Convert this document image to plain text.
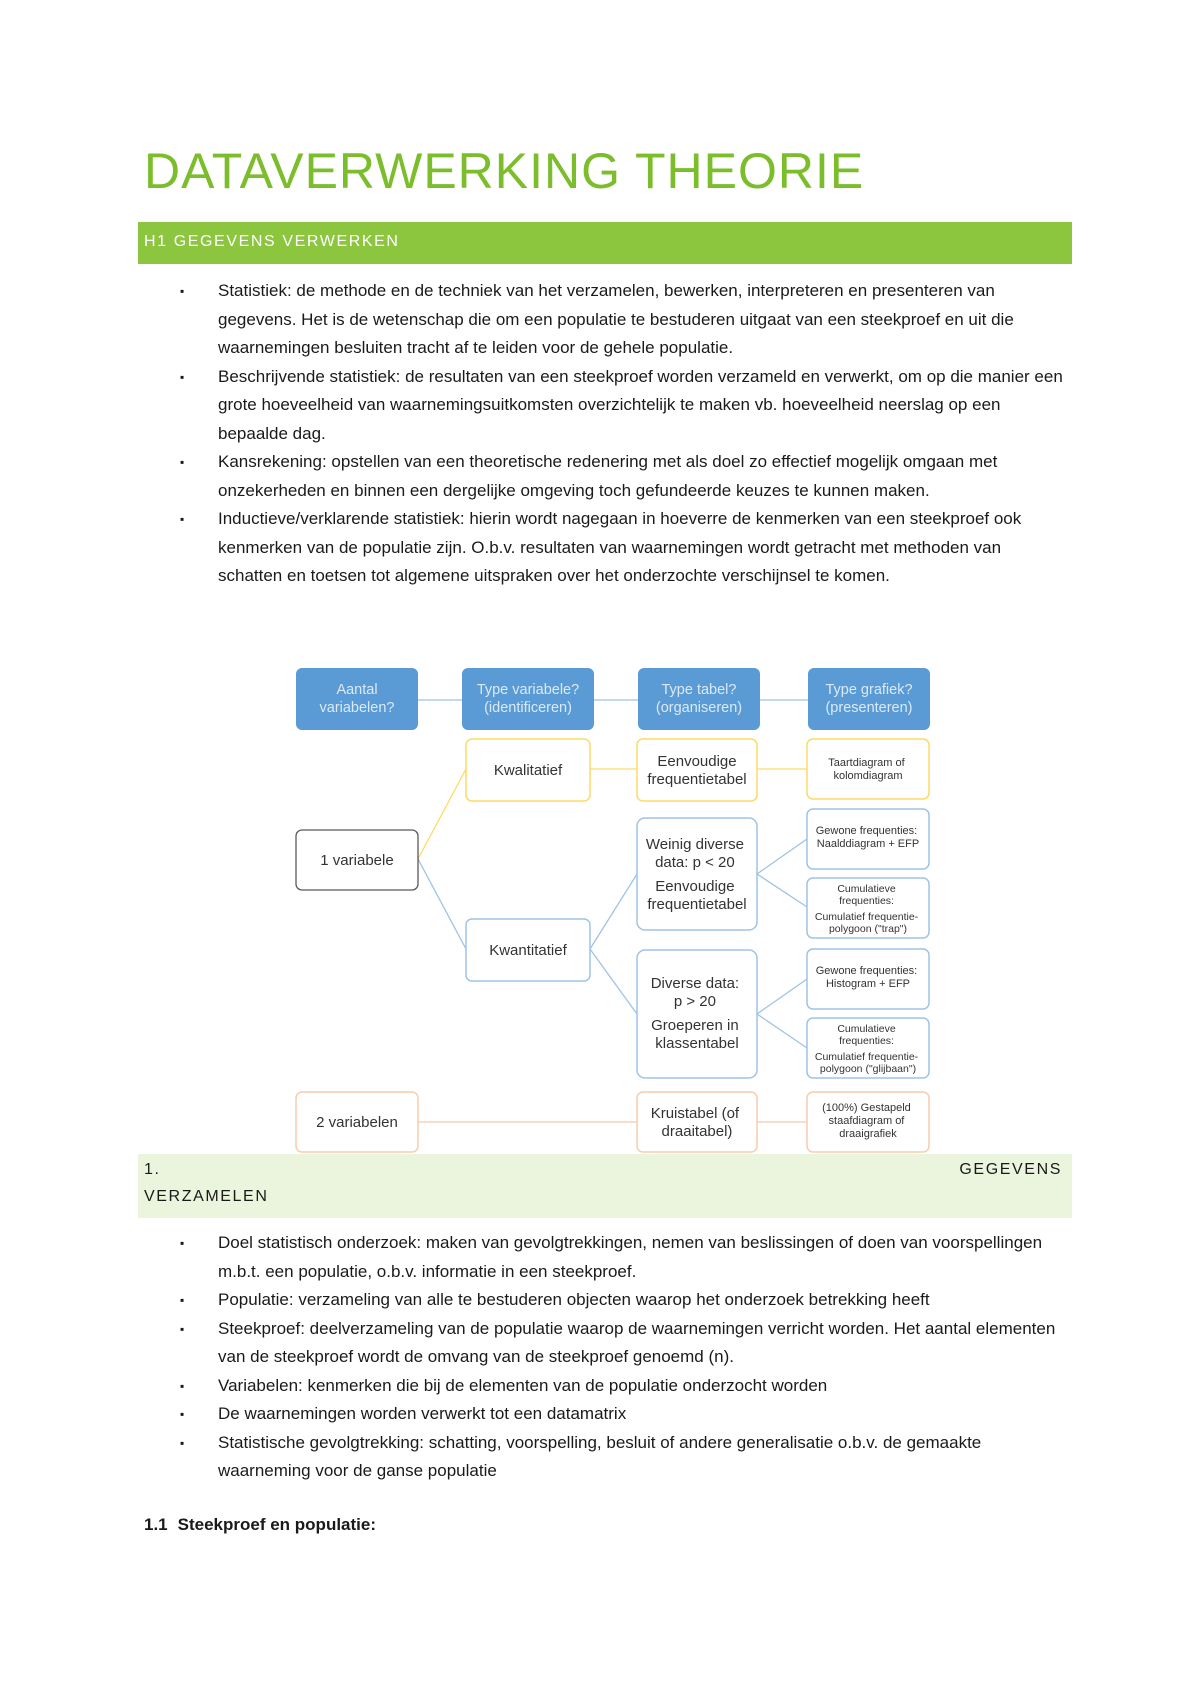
DATAVERWERKING THEORIE
H1 GEGEVENS VERWERKEN
▪ Statistiek: de methode en de techniek van het verzamelen, bewerken, interpreteren en presenteren van gegevens. Het is de wetenschap die om een populatie te bestuderen uitgaat van een steekproef en uit die waarnemingen besluiten tracht af te leiden voor de gehele populatie.
▪ Beschrijvende statistiek: de resultaten van een steekproef worden verzameld en verwerkt, om op die manier een grote hoeveelheid van waarnemingsuitkomsten overzichtelijk te maken vb. hoeveelheid neerslag op een bepaalde dag.
▪ Kansrekening: opstellen van een theoretische redenering met als doel zo effectief mogelijk omgaan met onzekerheden en binnen een dergelijke omgeving toch gefundeerde keuzes te kunnen maken.
▪ Inductieve/verklarende statistiek: hierin wordt nagegaan in hoeverre de kenmerken van een steekproef ook kenmerken van de populatie zijn. O.b.v. resultaten van waarnemingen wordt getracht met methoden van schatten en toetsen tot algemene uitspraken over het onderzochte verschijnsel te komen.
Aantal variabelen?
Type variabele? (identificeren)
Type tabel? (organiseren)
Type grafiek? (presenteren)
1 variabele
2 variabelen
Kwalitatief
Kwantitatief
Eenvoudige frequentietabel
Weinig diverse data: p < 20 Eenvoudige frequentietabel
Diverse data: p > 20 Groeperen in klassentabel
Kruistabel (of draaitabel)
Taartdiagram of kolomdiagram
Gewone frequenties: Naalddiagram + EFP
Cumulatieve frequenties: Cumulatief frequentie- polygoon ("trap")
Gewone frequenties: Histogram + EFP
Cumulatieve frequenties: Cumulatief frequentie- polygoon ("glijbaan")
(100%) Gestapeld staafdiagram of draaigrafiek
1.	GEGEVENS
VERZAMELEN
▪ Doel statistisch onderzoek: maken van gevolgtrekkingen, nemen van beslissingen of doen van voorspellingen m.b.t. een populatie, o.b.v. informatie in een steekproef.
▪ Populatie: verzameling van alle te bestuderen objecten waarop het onderzoek betrekking heeft
▪ Steekproef: deelverzameling van de populatie waarop de waarnemingen verricht worden. Het aantal elementen van de steekproef wordt de omvang van de steekproef genoemd (n).
▪ Variabelen: kenmerken die bij de elementen van de populatie onderzocht worden
▪ De waarnemingen worden verwerkt tot een datamatrix
▪ Statistische gevolgtrekking: schatting, voorspelling, besluit of andere generalisatie o.b.v. de gemaakte waarneming voor de ganse populatie
1.1 Steekproef en populatie:
